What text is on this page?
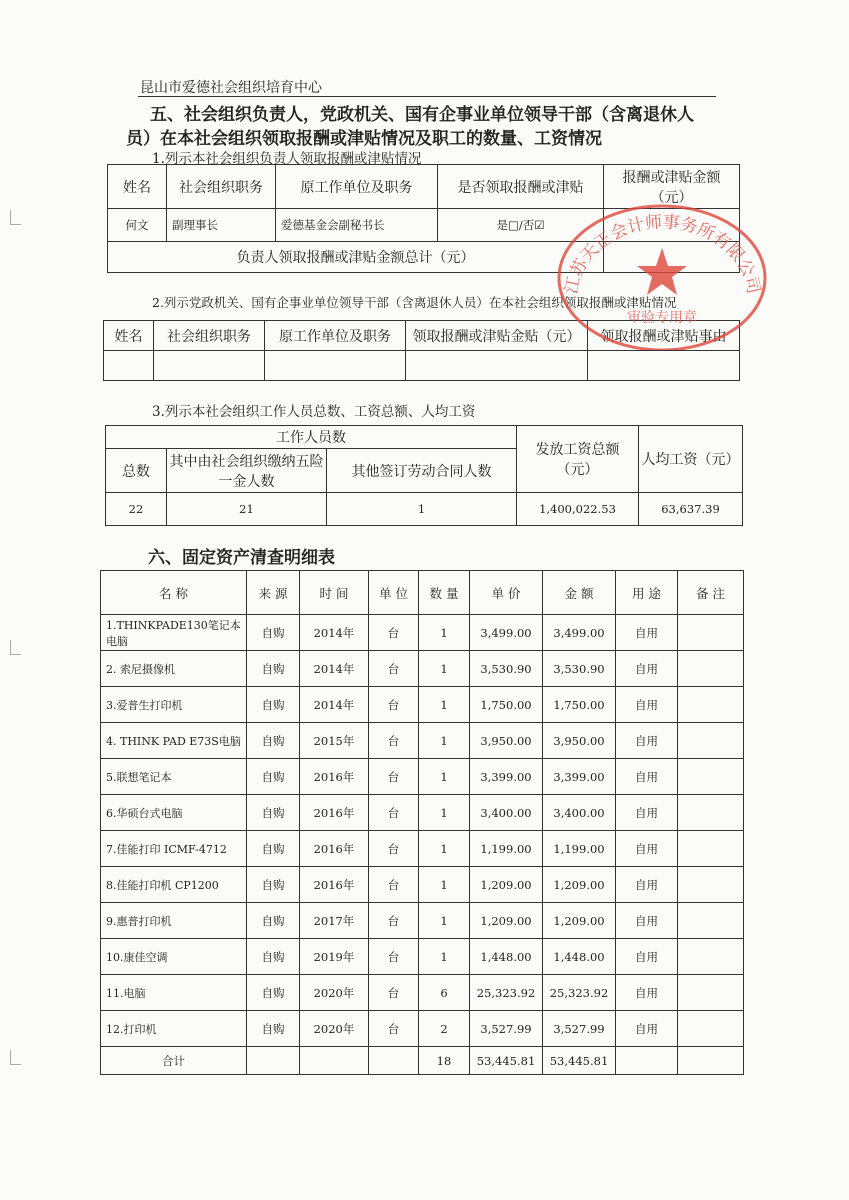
昆山市爱德社会组织培育中心
五、社会组织负责人，党政机关、国有企事业单位领导干部（含离退休人
员）在本社会组织领取报酬或津贴情况及职工的数量、工资情况
1.列示本社会组织负责人领取报酬或津贴情况
姓名	社会组织职务	原工作单位及职务	是否领取报酬或津贴	报酬或津贴金额（元）
何文	副理事长	爱德基金会副秘书长	是□/否☑	
负责人领取报酬或津贴金额总计（元）				
2.列示党政机关、国有企事业单位领导干部（含离退休人员）在本社会组织领取报酬或津贴情况
姓名	社会组织职务	原工作单位及职务	领取报酬或津贴金贴（元）	领取报酬或津贴事由

3.列示本社会组织工作人员总数、工资总额、人均工资
工作人员数			发放工资总额（元）	人均工资（元）
总数	其中由社会组织缴纳五险一金人数	其他签订劳动合同人数		
22	21	1	1,400,022.53	63,637.39
六、固定资产清查明细表
名 称	来 源	时 间	单 位	数 量	单 价	金 额	用 途	备 注
1.THINKPADE130笔记本电脑	自购	2014年	台	1	3,499.00	3,499.00	自用	
2. 索尼摄像机	自购	2014年	台	1	3,530.90	3,530.90	自用	
3.爱普生打印机	自购	2014年	台	1	1,750.00	1,750.00	自用	
4. THINK PAD E73S电脑	自购	2015年	台	1	3,950.00	3,950.00	自用	
5.联想笔记本	自购	2016年	台	1	3,399.00	3,399.00	自用	
6.华硕台式电脑	自购	2016年	台	1	3,400.00	3,400.00	自用	
7.佳能打印 ICMF-4712	自购	2016年	台	1	1,199.00	1,199.00	自用	
8.佳能打印机 CP1200	自购	2016年	台	1	1,209.00	1,209.00	自用	
9.惠普打印机	自购	2017年	台	1	1,209.00	1,209.00	自用	
10.康佳空调	自购	2019年	台	1	1,448.00	1,448.00	自用	
11.电脑	自购	2020年	台	6	25,323.92	25,323.92	自用	
12.打印机	自购	2020年	台	2	3,527.99	3,527.99	自用	
合计				18	53,445.81	53,445.81		
江苏天正会计师事务所有限公司
审验专用章
